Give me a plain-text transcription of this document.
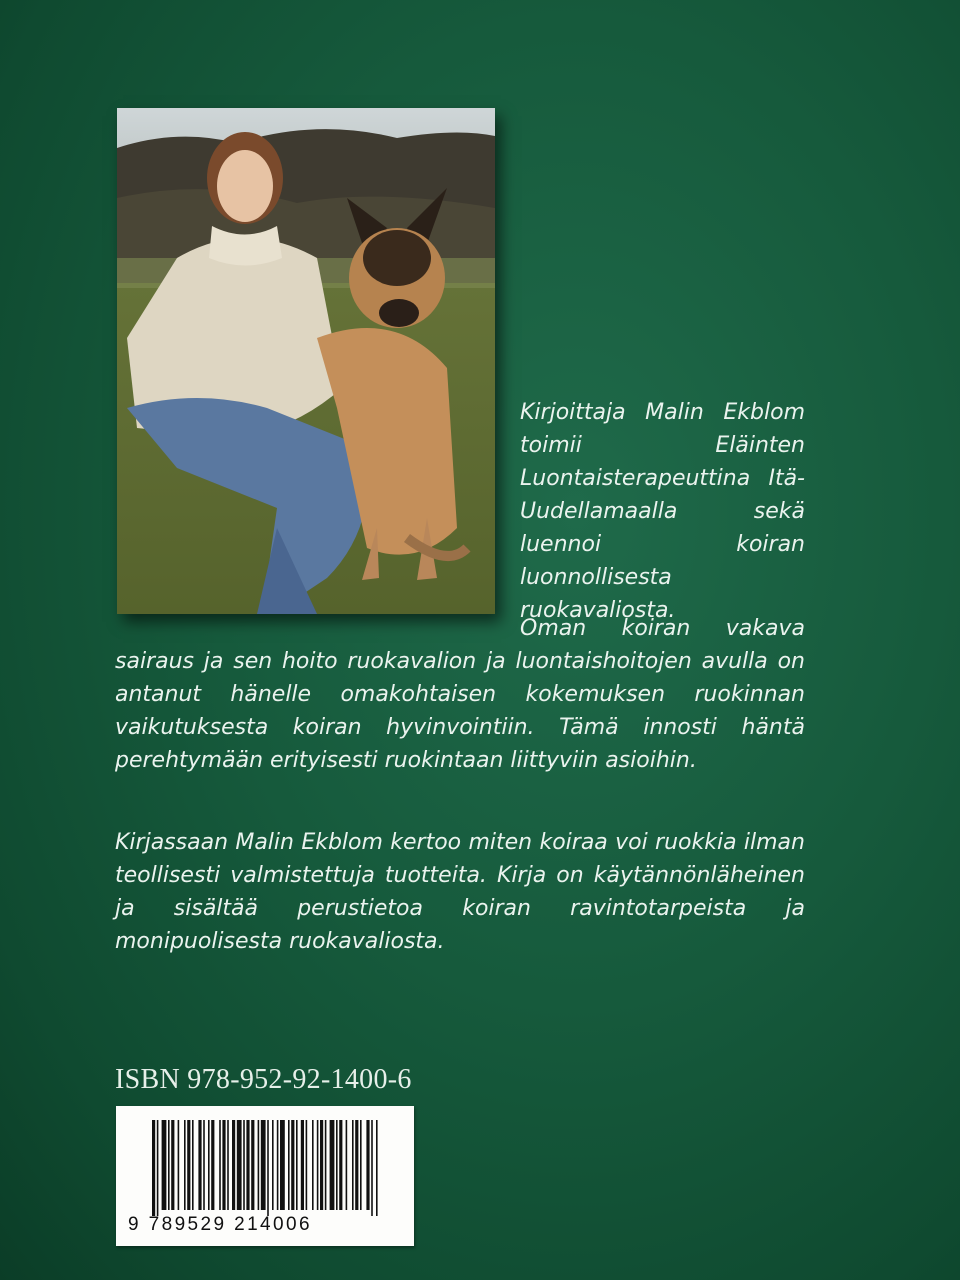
Kirjoittaja Malin Ekblom toimii Eläinten Luontaisterapeuttina Itä-Uudellamaalla sekä luennoi koiran luonnollisesta ruokavaliosta.

Oman koiran vakava sairaus ja sen hoito ruokavalion ja luontaishoitojen avulla on antanut hänelle omakohtaisen kokemuksen ruokinnan vaikutuksesta koiran hyvinvointiin. Tämä innosti häntä perehtymään erityisesti ruokintaan liittyviin asioihin.

Kirjassaan Malin Ekblom kertoo miten koiraa voi ruokkia ilman teollisesti valmistettuja tuotteita. Kirja on käytännönläheinen ja sisältää perustietoa koiran ravintotarpeista ja monipuolisesta ruokavaliosta.

ISBN 978-952-92-1400-6
9 789529 214006
